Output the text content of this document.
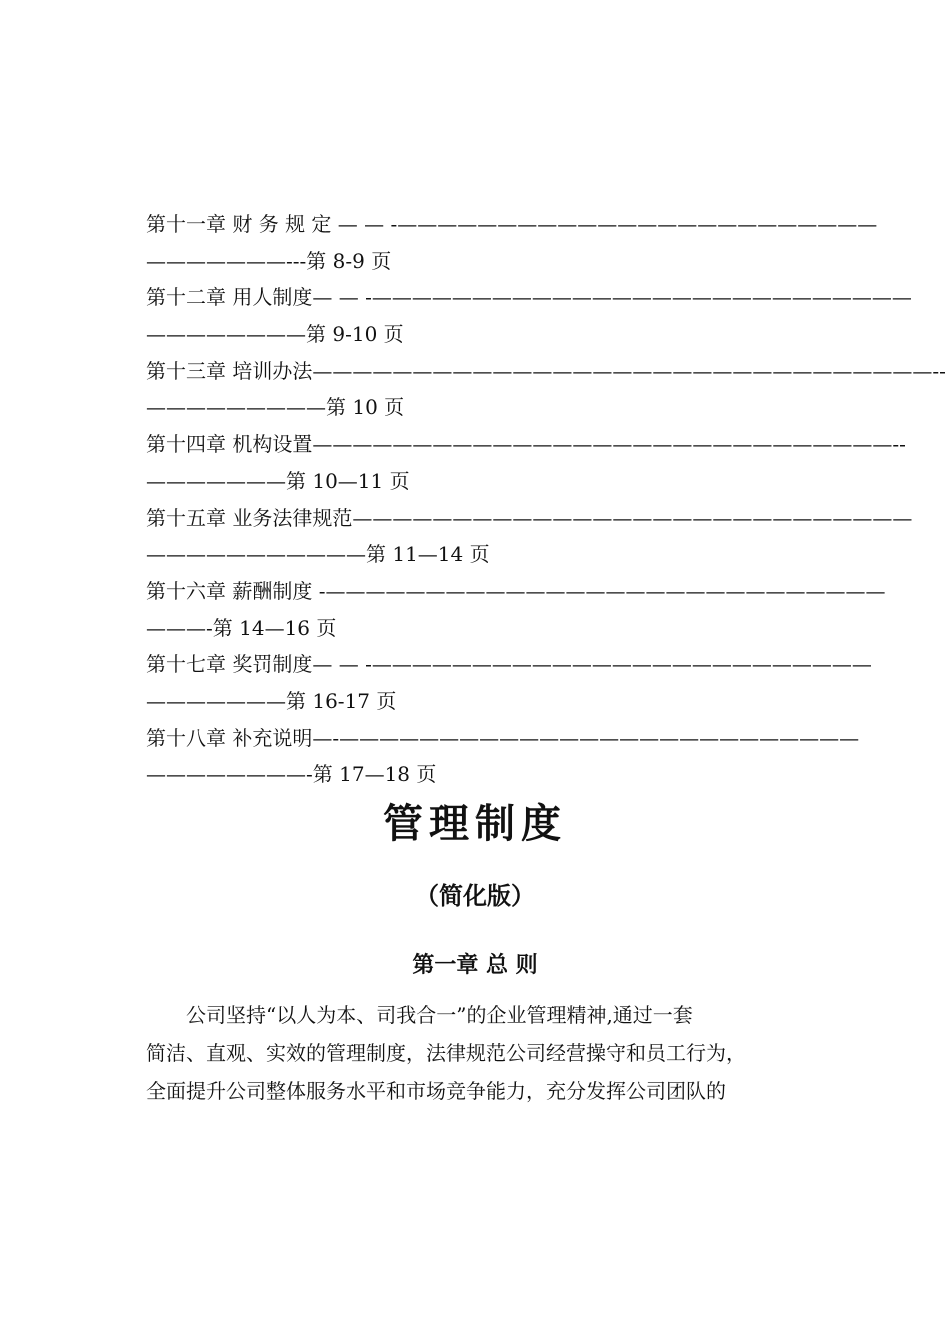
第十一章 财 务 规 定 — — -————————————————————————
———————---第 8-9 页
第十二章 用人制度— — -———————————————————————————
————————第 9-10 页
第十三章 培训办法———————————————————————————————--
—————————第 10 页
第十四章 机构设置—————————————————————————————--
———————第 10—11 页
第十五章 业务法律规范————————————————————————————
———————————第 11—14 页
第十六章 薪酬制度 -————————————————————————————
———-第 14—16 页
第十七章 奖罚制度— — -—————————————————————————
———————第 16-17 页
第十八章 补充说明—-——————————————————————————
————————-第 17—18 页
管理制度
（简化版）
第一章 总 则
公司坚持“以人为本、司我合一”的企业管理精神,通过一套
简洁、直观、实效的管理制度，法律规范公司经营操守和员工行为，
全面提升公司整体服务水平和市场竞争能力，充分发挥公司团队的
